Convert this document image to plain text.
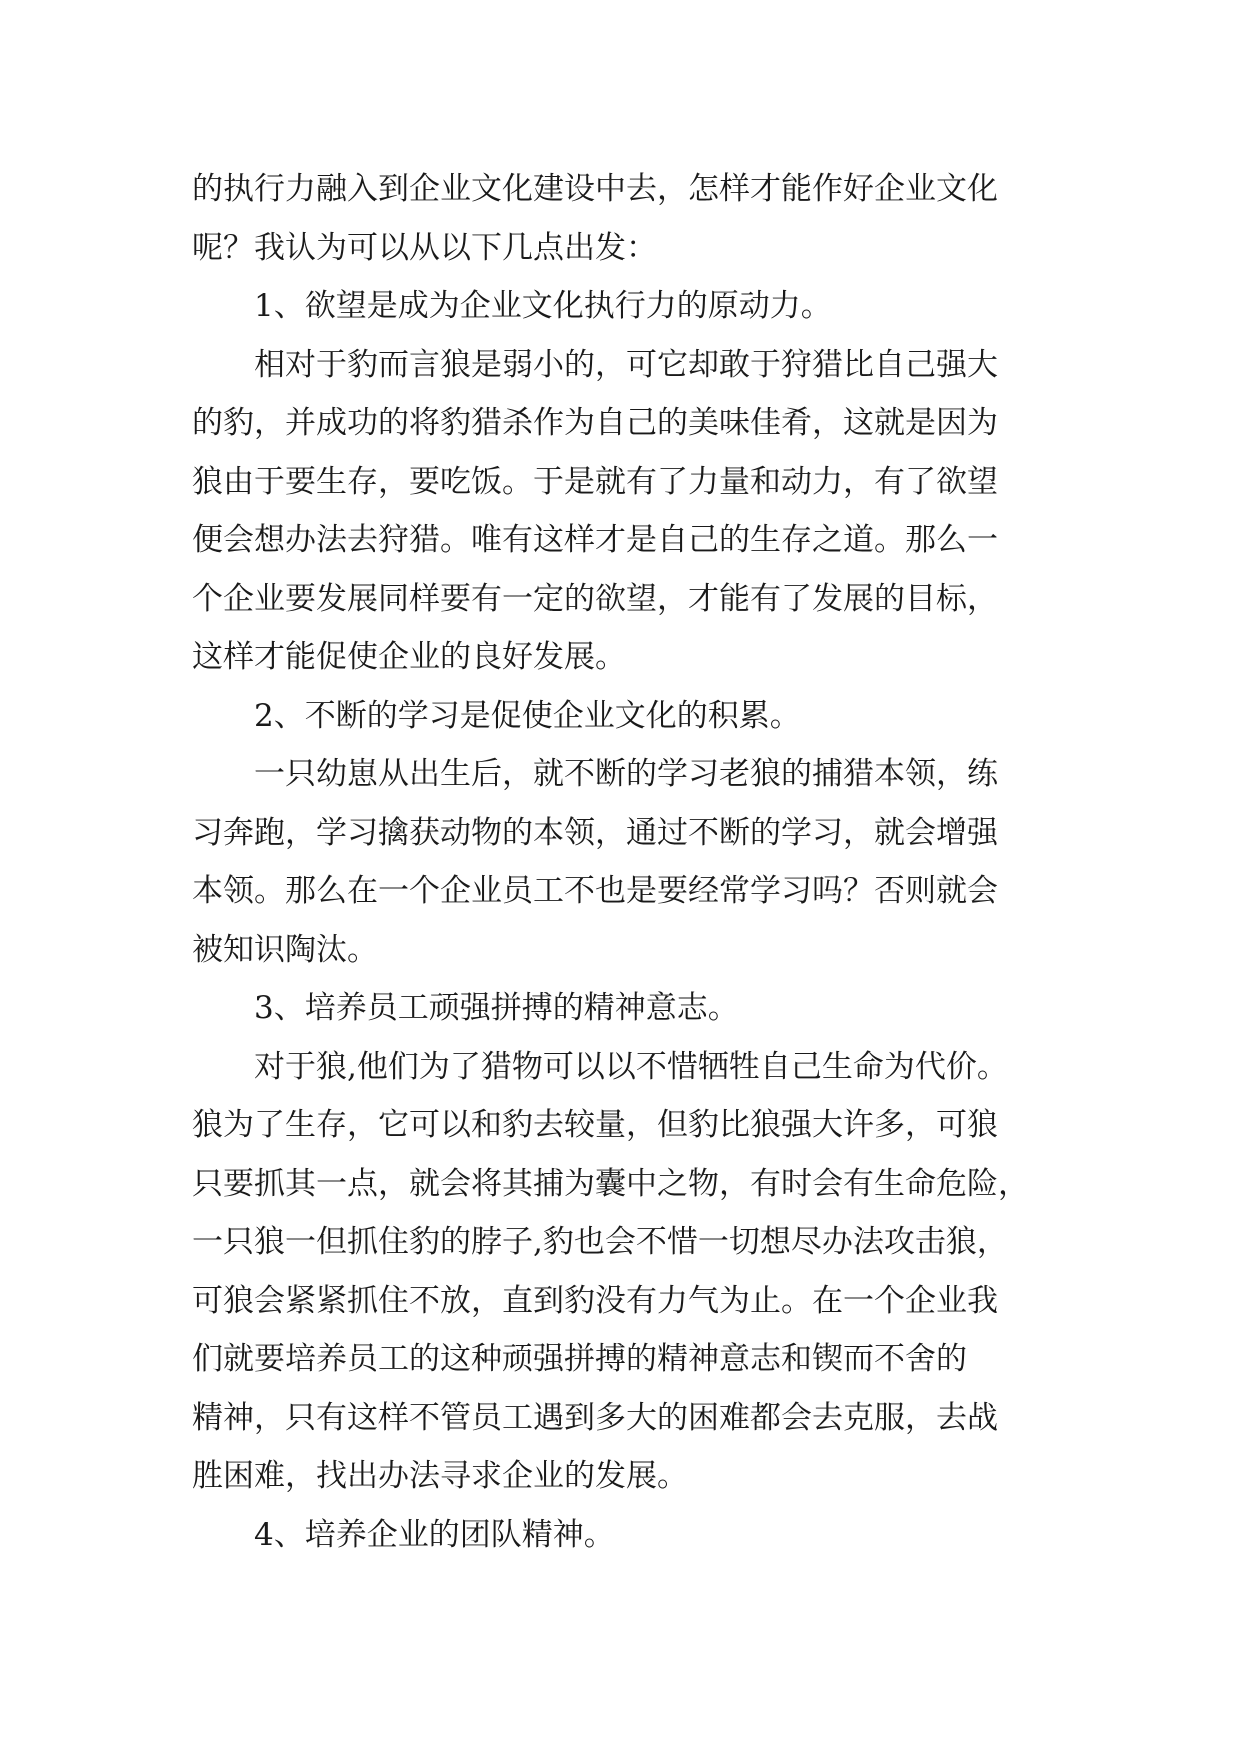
的执行力融入到企业文化建设中去，怎样才能作好企业文化
呢？我认为可以从以下几点出发：
1、欲望是成为企业文化执行力的原动力。
相对于豹而言狼是弱小的，可它却敢于狩猎比自己强大
的豹，并成功的将豹猎杀作为自己的美味佳肴，这就是因为
狼由于要生存，要吃饭。于是就有了力量和动力，有了欲望
便会想办法去狩猎。唯有这样才是自己的生存之道。那么一
个企业要发展同样要有一定的欲望，才能有了发展的目标，
这样才能促使企业的良好发展。
2、不断的学习是促使企业文化的积累。
一只幼崽从出生后，就不断的学习老狼的捕猎本领，练
习奔跑，学习擒获动物的本领，通过不断的学习，就会增强
本领。那么在一个企业员工不也是要经常学习吗？否则就会
被知识陶汰。
3、培养员工顽强拼搏的精神意志。
对于狼,他们为了猎物可以以不惜牺牲自己生命为代价。
狼为了生存，它可以和豹去较量，但豹比狼强大许多，可狼
只要抓其一点，就会将其捕为囊中之物，有时会有生命危险，
一只狼一但抓住豹的脖子,豹也会不惜一切想尽办法攻击狼，
可狼会紧紧抓住不放，直到豹没有力气为止。在一个企业我
们就要培养员工的这种顽强拼搏的精神意志和锲而不舍的
精神，只有这样不管员工遇到多大的困难都会去克服，去战
胜困难，找出办法寻求企业的发展。
4、培养企业的团队精神。
